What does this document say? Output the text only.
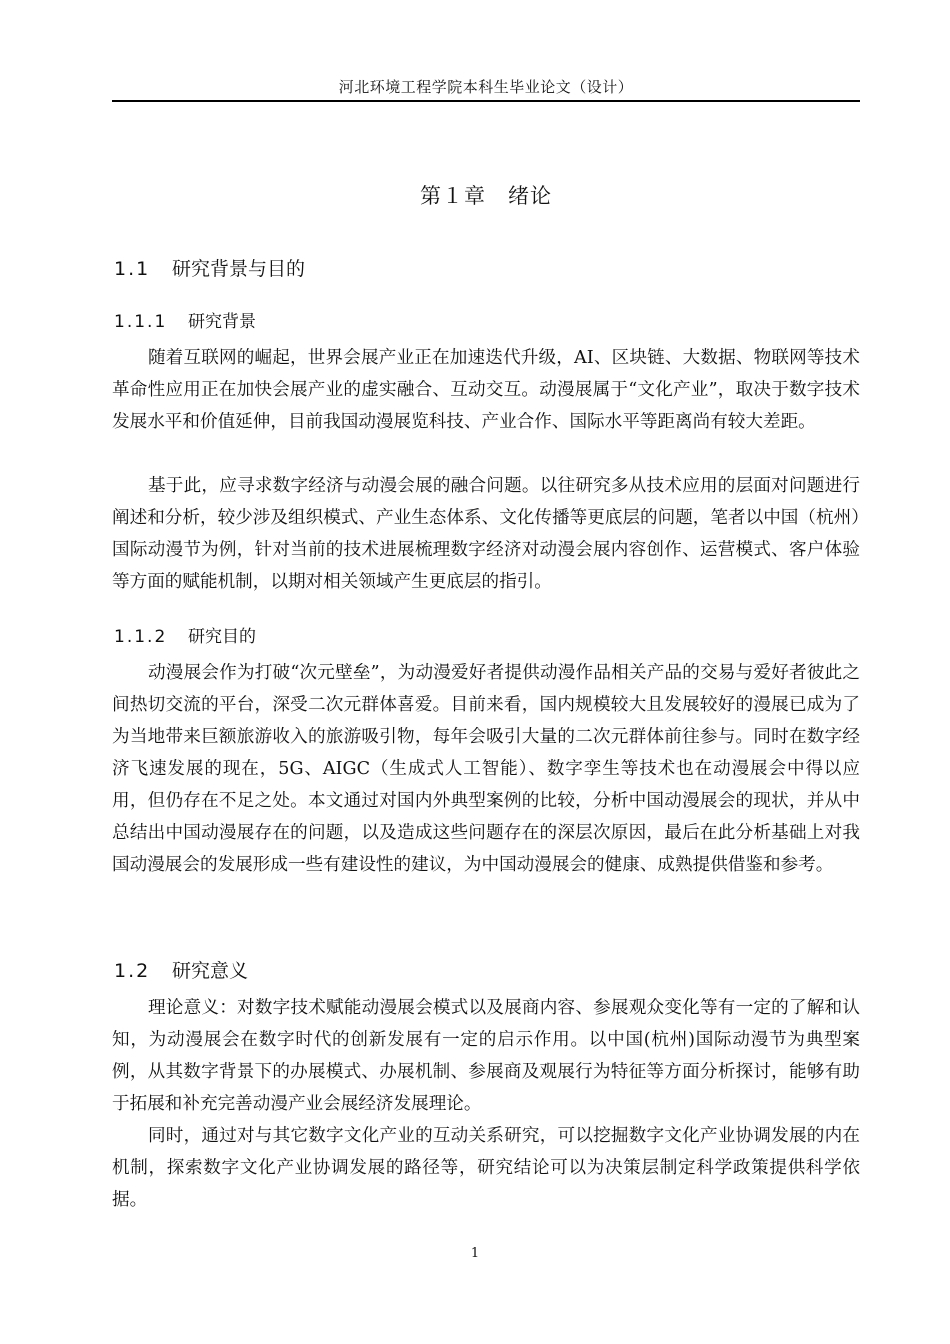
河北环境工程学院本科生毕业论文（设计）
第１章　绪论
1.1 研究背景与目的
1.1.1 研究背景

随着互联网的崛起，世界会展产业正在加速迭代升级，AI、区块链、大数据、物联网等技术革命性应用正在加快会展产业的虚实融合、互动交互。动漫展属于“文化产业”，取决于数字技术发展水平和价值延伸，目前我国动漫展览科技、产业合作、国际水平等距离尚有较大差距。

基于此，应寻求数字经济与动漫会展的融合问题。以往研究多从技术应用的层面对问题进行阐述和分析，较少涉及组织模式、产业生态体系、文化传播等更底层的问题，笔者以中国（杭州）国际动漫节为例，针对当前的技术进展梳理数字经济对动漫会展内容创作、运营模式、客户体验等方面的赋能机制，以期对相关领域产生更底层的指引。

1.1.2 研究目的

动漫展会作为打破“次元壁垒”，为动漫爱好者提供动漫作品相关产品的交易与爱好者彼此之间热切交流的平台，深受二次元群体喜爱。目前来看，国内规模较大且发展较好的漫展已成为了为当地带来巨额旅游收入的旅游吸引物，每年会吸引大量的二次元群体前往参与。同时在数字经济飞速发展的现在，5G、AIGC（生成式人工智能）、数字孪生等技术也在动漫展会中得以应用，但仍存在不足之处。本文通过对国内外典型案例的比较，分析中国动漫展会的现状，并从中总结出中国动漫展存在的问题，以及造成这些问题存在的深层次原因，最后在此分析基础上对我国动漫展会的发展形成一些有建设性的建议，为中国动漫展会的健康、成熟提供借鉴和参考。

1.2 研究意义

理论意义：对数字技术赋能动漫展会模式以及展商内容、参展观众变化等有一定的了解和认知，为动漫展会在数字时代的创新发展有一定的启示作用。以中国(杭州)国际动漫节为典型案例，从其数字背景下的办展模式、办展机制、参展商及观展行为特征等方面分析探讨，能够有助于拓展和补充完善动漫产业会展经济发展理论。

同时，通过对与其它数字文化产业的互动关系研究，可以挖掘数字文化产业协调发展的内在机制，探索数字文化产业协调发展的路径等，研究结论可以为决策层制定科学政策提供科学依据。

1
